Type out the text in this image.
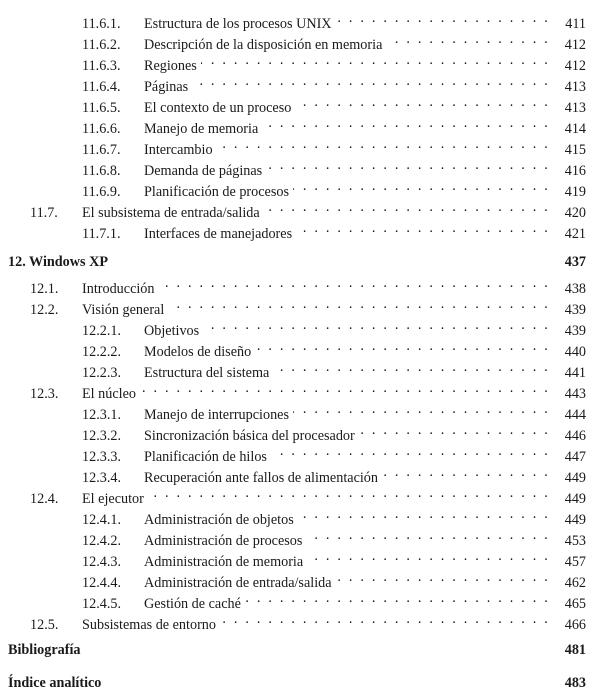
11.6.1.	Estructura de los procesos UNIX . . .	411
11.6.2.	Descripción de la disposición en memoria . . .	412
11.6.3.	Regiones . . .	412
11.6.4.	Páginas . . .	413
11.6.5.	El contexto de un proceso . . .	413
11.6.6.	Manejo de memoria . . .	414
11.6.7.	Intercambio . . .	415
11.6.8.	Demanda de páginas . . .	416
11.6.9.	Planificación de procesos . . .	419
11.7.	El subsistema de entrada/salida . . .	420
11.7.1.	Interfaces de manejadores . . .	421
12. Windows XP	437
12.1.	Introducción . . .	438
12.2.	Visión general . . .	439
12.2.1.	Objetivos . . .	439
12.2.2.	Modelos de diseño . . .	440
12.2.3.	Estructura del sistema . . .	441
12.3.	El núcleo . . .	443
12.3.1.	Manejo de interrupciones . . .	444
12.3.2.	Sincronización básica del procesador . . .	446
12.3.3.	Planificación de hilos . . .	447
12.3.4.	Recuperación ante fallos de alimentación . . .	449
12.4.	El ejecutor . . .	449
12.4.1.	Administración de objetos . . .	449
12.4.2.	Administración de procesos . . .	453
12.4.3.	Administración de memoria . . .	457
12.4.4.	Administración de entrada/salida . . .	462
12.4.5.	Gestión de caché . . .	465
12.5.	Subsistemas de entorno . . .	466
Bibliografía	481
Índice analítico	483
